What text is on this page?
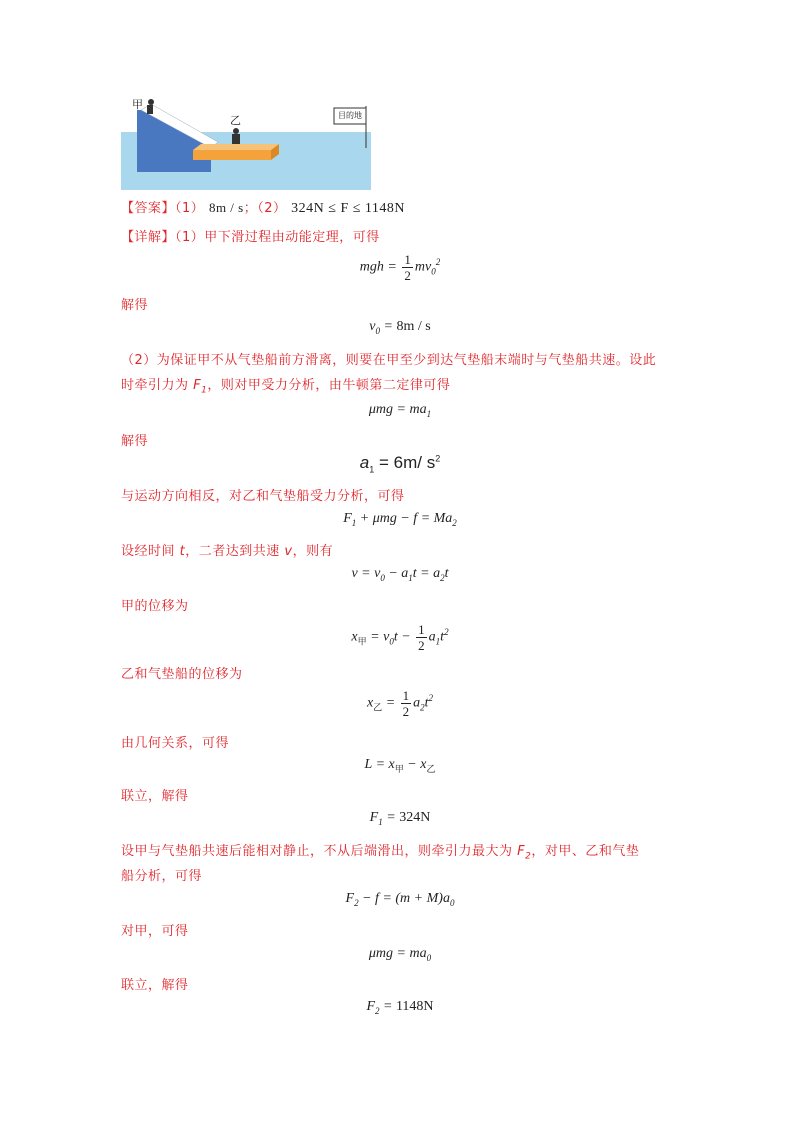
甲
乙	目的地
【答案】（1） 8m / s；（2） 324N ≤ F ≤ 1148N
【详解】（1）甲下滑过程由动能定理，可得
mgh = $\frac{1}{2} mv_0^2$
解得
$v_0 = 8m / s$
（2）为保证甲不从气垫船前方滑离，则要在甲至少到达气垫船末端时与气垫船共速。设此
时牵引力为 $F_1$，则对甲受力分析，由牛顿第二定律可得
$\mu mg = ma_1$
解得
$a_1 = 6m/$ $s^2$
与运动方向相反，对乙和气垫船受力分析，可得
$F_1 + \mu mg - f = Ma_2$
设经时间 t，二者达到共速 v，则有
$v = v_0 - a_1t = a_2t$
甲的位移为
$x_甲 = v_0t - \frac{1}{2} a_1t^2$
乙和气垫船的位移为
$x_乙 = \frac{1}{2} a_2t^2$
由几何关系，可得
$L = x_甲 - x_乙$
联立，解得
$F_1 = 324N$
设甲与气垫船共速后能相对静止，不从后端滑出，则牵引力最大为 $F_2$，对甲、乙和气垫
船分析，可得
$F_2 - f = (m + M)a_0$
对甲，可得
$\mu mg = ma_0$
联立，解得
$F_2 = 1148N$
